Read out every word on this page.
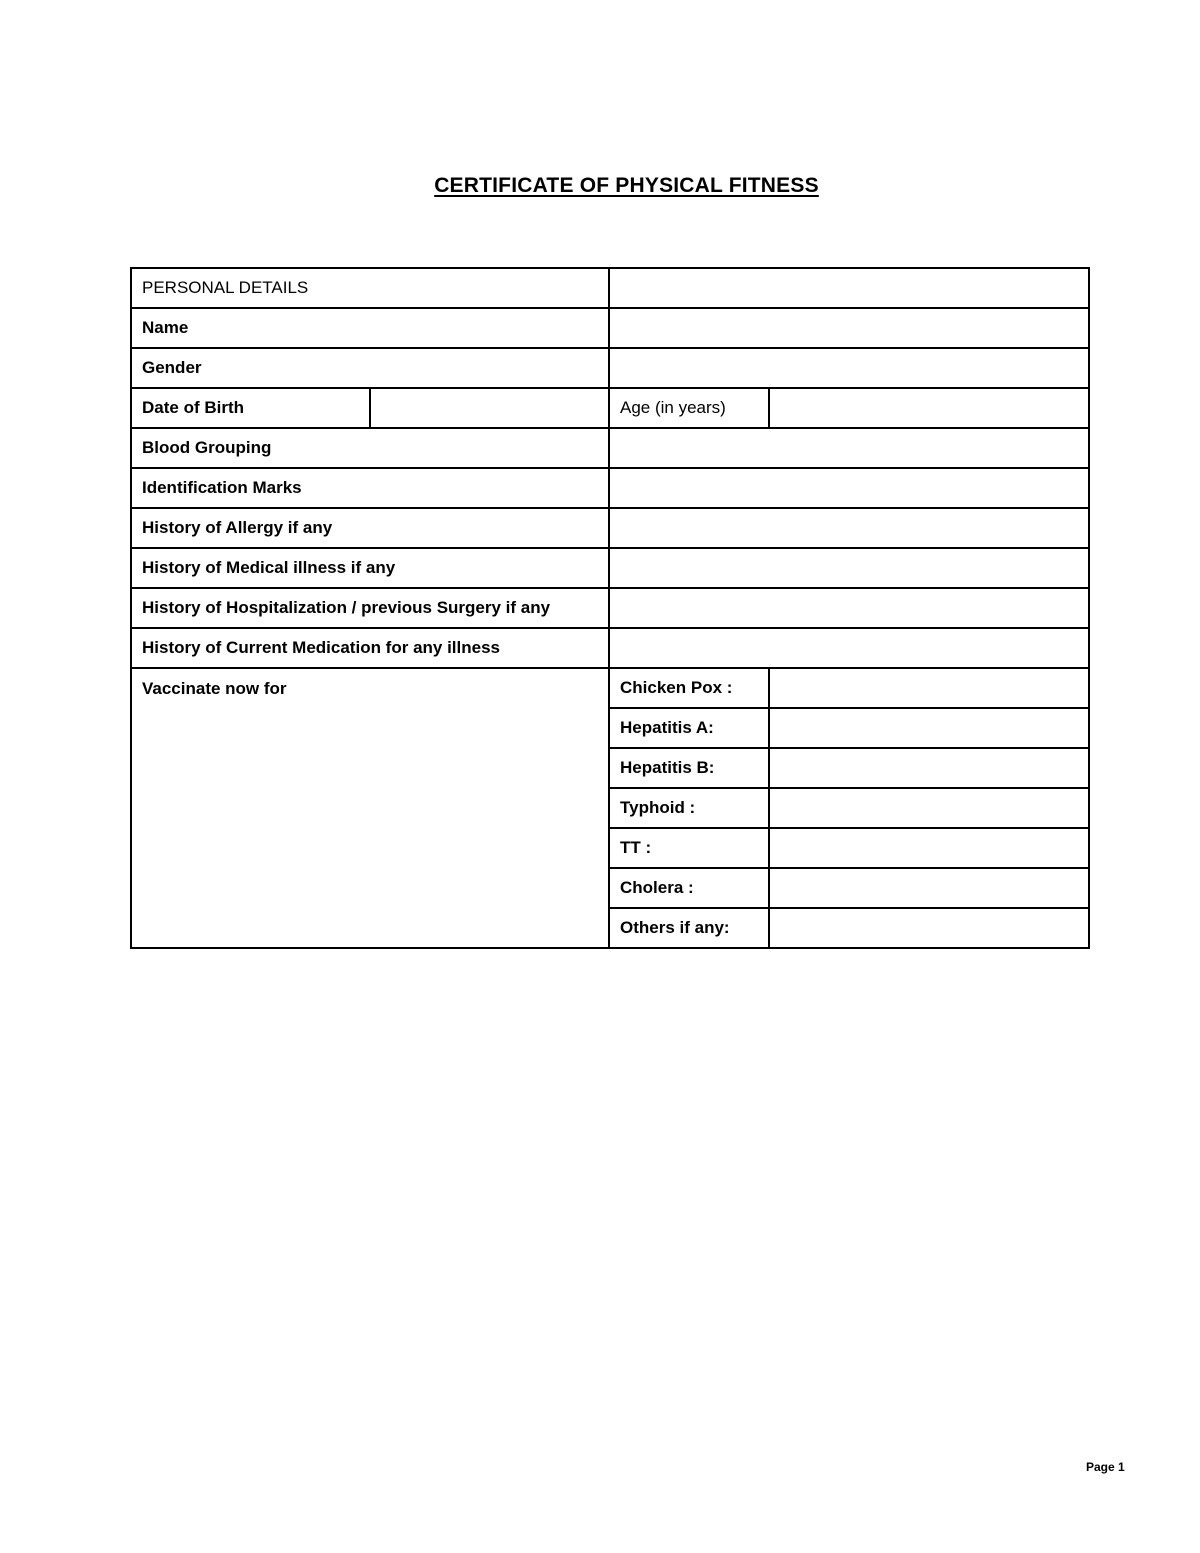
CERTIFICATE OF PHYSICAL FITNESS
PERSONAL DETAILS			
Name			
Gender			
Date of Birth		Age (in years)	
Blood Grouping			
Identification Marks			
History of Allergy if any			
History of Medical illness if any			
History of Hospitalization / previous Surgery if any			
History of Current Medication for any illness			
Vaccinate now for		Chicken Pox :	
		Hepatitis A:	
		Hepatitis B:	
		Typhoid :	
		TT :	
		Cholera :	
		Others if any:	
Page 1
